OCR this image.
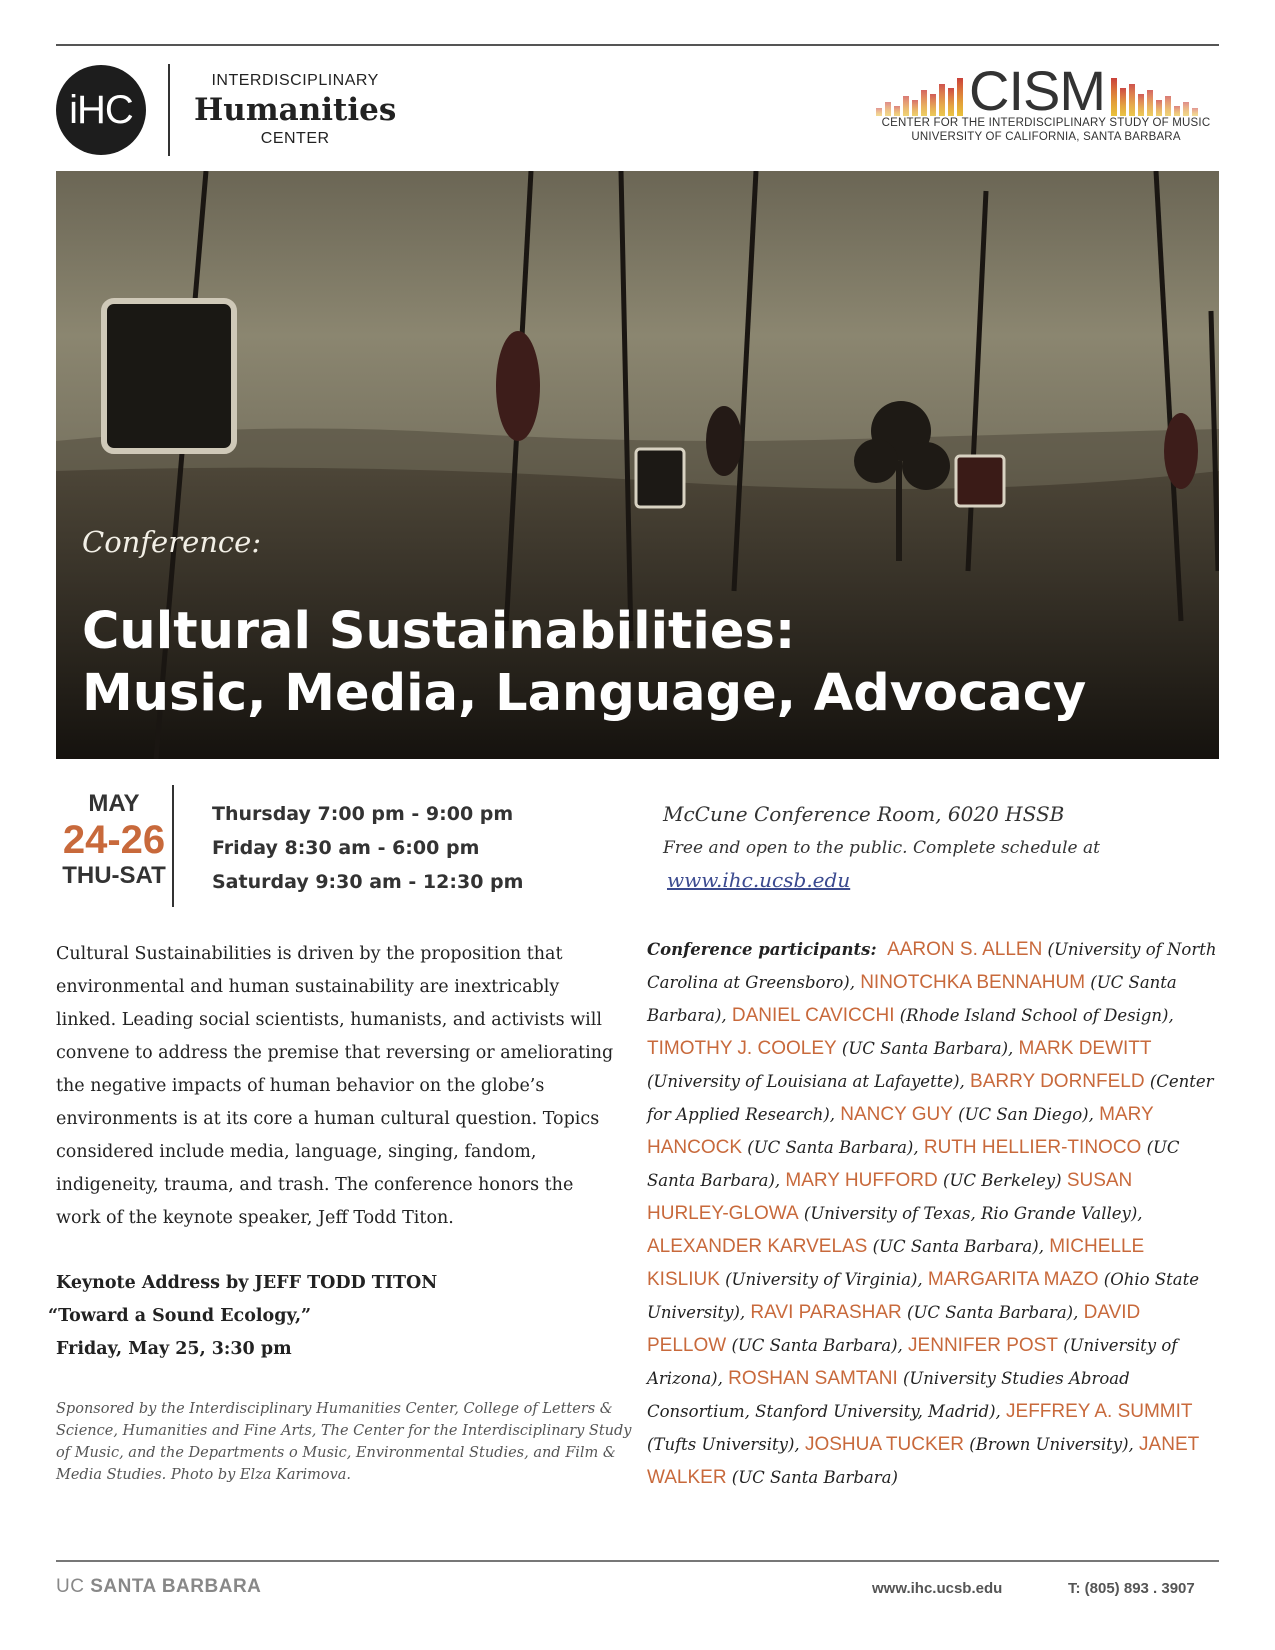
iHC
INTERDISCIPLINARY
Humanities
CENTER
CISM
CENTER FOR THE INTERDISCIPLINARY STUDY OF MUSIC
UNIVERSITY OF CALIFORNIA, SANTA BARBARA
Conference:
Cultural Sustainabilities:
Music, Media, Language, Advocacy
MAY
24-26
THU-SAT
Thursday 7:00 pm - 9:00 pm
Friday 8:30 am - 6:00 pm
Saturday 9:30 am - 12:30 pm
McCune Conference Room, 6020 HSSB
Free and open to the public. Complete schedule at
www.ihc.ucsb.edu
Cultural Sustainabilities is driven by the proposition that environmental and human sustainability are inextricably linked. Leading social scientists, humanists, and activists will convene to address the premise that reversing or ameliorating the negative impacts of human behavior on the globe’s environments is at its core a human cultural question. Topics considered include media, language, singing, fandom, indigeneity, trauma, and trash. The conference honors the work of the keynote speaker, Jeff Todd Titon.
Keynote Address by JEFF TODD TITON
“Toward a Sound Ecology,”
Friday, May 25, 3:30 pm
Sponsored by the Interdisciplinary Humanities Center, College of Letters & Science, Humanities and Fine Arts, The Center for the Interdisciplinary Study of Music, and the Departments o Music, Environmental Studies, and Film & Media Studies. Photo by Elza Karimova.
Conference participants: AARON S. ALLEN (University of North Carolina at Greensboro), NINOTCHKA BENNAHUM (UC Santa Barbara), DANIEL CAVICCHI (Rhode Island School of Design), TIMOTHY J. COOLEY (UC Santa Barbara), MARK DEWITT (University of Louisiana at Lafayette), BARRY DORNFELD (Center for Applied Research), NANCY GUY (UC San Diego), MARY HANCOCK (UC Santa Barbara), RUTH HELLIER-TINOCO (UC Santa Barbara), MARY HUFFORD (UC Berkeley) SUSAN HURLEY-GLOWA (University of Texas, Rio Grande Valley), ALEXANDER KARVELAS (UC Santa Barbara), MICHELLE KISLIUK (University of Virginia), MARGARITA MAZO (Ohio State University), RAVI PARASHAR (UC Santa Barbara), DAVID PELLOW (UC Santa Barbara), JENNIFER POST (University of Arizona), ROSHAN SAMTANI (University Studies Abroad Consortium, Stanford University, Madrid), JEFFREY A. SUMMIT (Tufts University), JOSHUA TUCKER (Brown University), JANET WALKER (UC Santa Barbara)
UC SANTA BARBARA	www.ihc.ucsb.edu	T: (805) 893 . 3907
